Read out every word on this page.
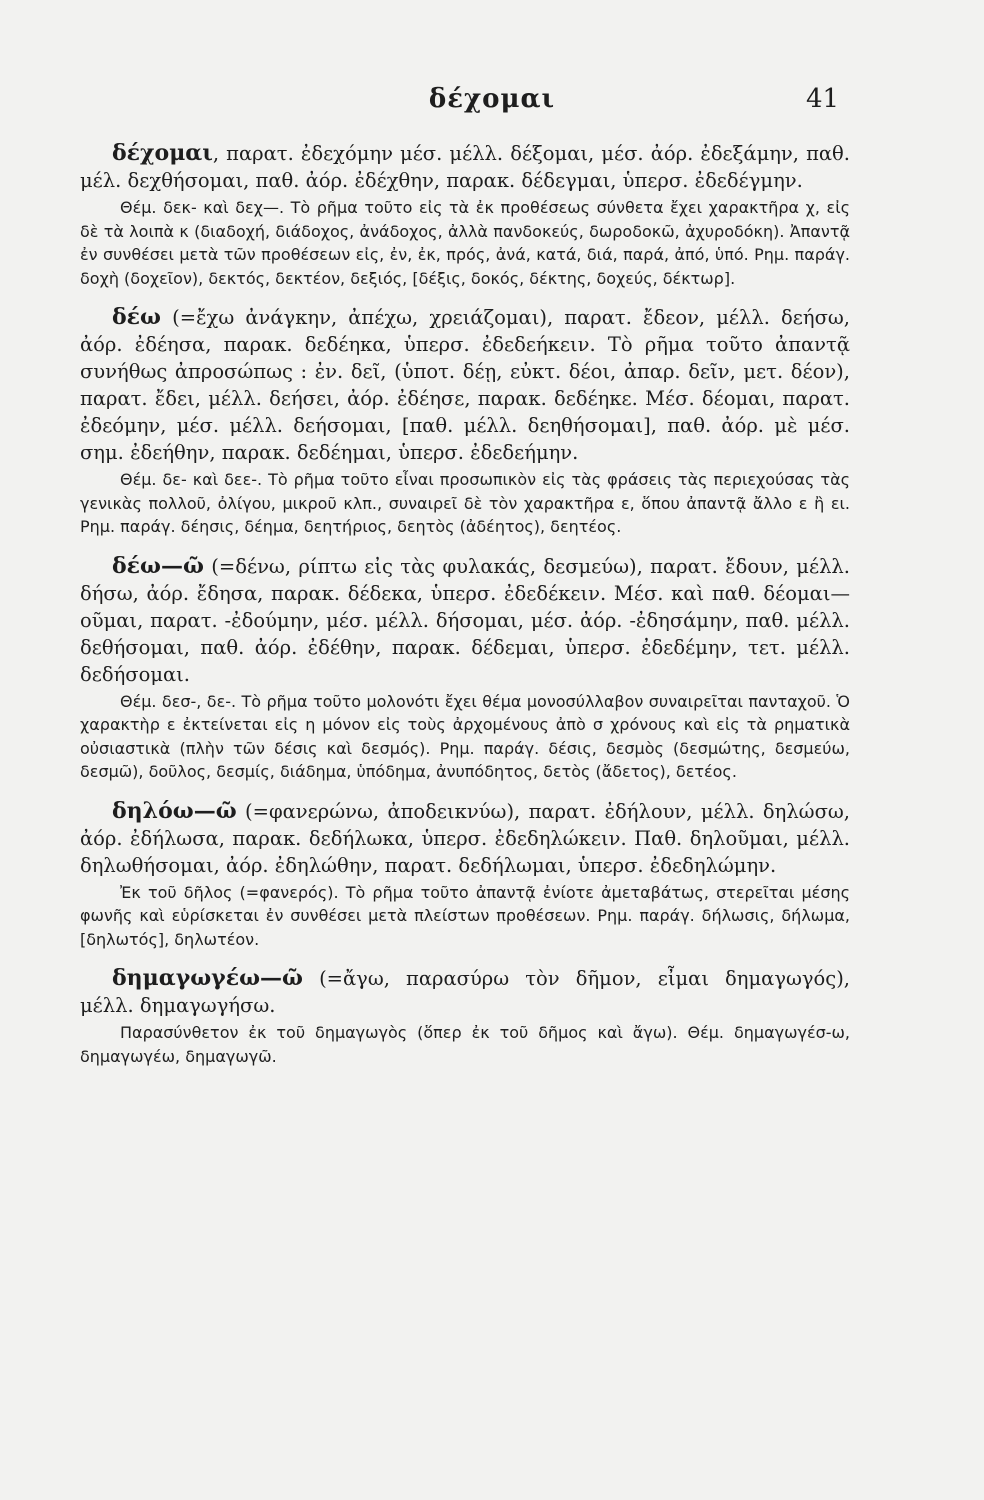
δέχομαι	41

δέχομαι, παρατ. ἐδεχόμην μέσ. μέλλ. δέξομαι, μέσ. ἀόρ. ἐδεξάμην, παθ. μέλ. δεχθήσομαι, παθ. ἀόρ. ἐδέχθην, παρακ. δέδεγμαι, ὑπερσ. ἐδεδέγμην.

Θέμ. δεκ- καὶ δεχ—. Τὸ ρῆμα τοῦτο εἰς τὰ ἐκ προθέσεως σύνθετα ἔχει χαρακτῆρα χ, εἰς δὲ τὰ λοιπὰ κ (διαδοχή, διάδοχος, ἀνάδοχος, ἀλλὰ πανδοκεύς, δωροδοκῶ, ἀχυροδόκη). Ἀπαντᾷ ἐν συνθέσει μετὰ τῶν προθέσεων εἰς, ἐν, ἐκ, πρός, ἀνά, κατά, διά, παρά, ἀπό, ὑπό. Ρημ. παράγ. δοχὴ (δοχεῖον), δεκτός, δεκτέον, δεξιός, [δέξις, δοκός, δέκτης, δοχεύς, δέκτωρ].

δέω (=ἔχω ἀνάγκην, ἀπέχω, χρειάζομαι), παρατ. ἔδεον, μέλλ. δεήσω, ἀόρ. ἐδέησα, παρακ. δεδέηκα, ὑπερσ. ἐδεδεήκειν. Τὸ ρῆμα τοῦτο ἀπαντᾷ συνήθως ἀπροσώπως : ἐν. δεῖ, (ὑποτ. δέῃ, εὐκτ. δέοι, ἀπαρ. δεῖν, μετ. δέον), παρατ. ἔδει, μέλλ. δεήσει, ἀόρ. ἐδέησε, παρακ. δεδέηκε. Μέσ. δέομαι, παρατ. ἐδεόμην, μέσ. μέλλ. δεήσομαι, [παθ. μέλλ. δεηθήσομαι], παθ. ἀόρ. μὲ μέσ. σημ. ἐδεήθην, παρακ. δεδέημαι, ὑπερσ. ἐδεδεήμην.

Θέμ. δε- καὶ δεε-. Τὸ ρῆμα τοῦτο εἶναι προσωπικὸν εἰς τὰς φράσεις τὰς περιεχούσας τὰς γενικὰς πολλοῦ, ὀλίγου, μικροῦ κλπ., συναιρεῖ δὲ τὸν χαρακτῆρα ε, ὅπου ἀπαντᾷ ἄλλο ε ἢ ει. Ρημ. παράγ. δέησις, δέημα, δεητήριος, δεητὸς (ἀδέητος), δεητέος.

δέω—ῶ (=δένω, ρίπτω εἰς τὰς φυλακάς, δεσμεύω), παρατ. ἔδουν, μέλλ. δήσω, ἀόρ. ἔδησα, παρακ. δέδεκα, ὑπερσ. ἐδεδέκειν. Μέσ. καὶ παθ. δέομαι—οῦμαι, παρατ. -ἐδούμην, μέσ. μέλλ. δήσομαι, μέσ. ἀόρ. -ἐδησάμην, παθ. μέλλ. δεθήσομαι, παθ. ἀόρ. ἐδέθην, παρακ. δέδεμαι, ὑπερσ. ἐδεδέμην, τετ. μέλλ. δεδήσομαι.

Θέμ. δεσ-, δε-. Τὸ ρῆμα τοῦτο μολονότι ἔχει θέμα μονοσύλλαβον συναιρεῖται πανταχοῦ. Ὁ χαρακτὴρ ε ἐκτείνεται εἰς η μόνον εἰς τοὺς ἀρχομένους ἀπὸ σ χρόνους καὶ εἰς τὰ ρηματικὰ οὐσιαστικὰ (πλὴν τῶν δέσις καὶ δεσμός). Ρημ. παράγ. δέσις, δεσμὸς (δεσμώτης, δεσμεύω, δεσμῶ), δοῦλος, δεσμίς, διάδημα, ὑπόδημα, ἀνυπόδητος, δετὸς (ἄδετος), δετέος.

δηλόω—ῶ (=φανερώνω, ἀποδεικνύω), παρατ. ἐδήλουν, μέλλ. δηλώσω, ἀόρ. ἐδήλωσα, παρακ. δεδήλωκα, ὑπερσ. ἐδεδηλώκειν. Παθ. δηλοῦμαι, μέλλ. δηλωθήσομαι, ἀόρ. ἐδηλώθην, παρατ. δεδήλωμαι, ὑπερσ. ἐδεδηλώμην.

Ἐκ τοῦ δῆλος (=φανερός). Τὸ ρῆμα τοῦτο ἀπαντᾷ ἐνίοτε ἀμεταβάτως, στερεῖται μέσης φωνῆς καὶ εὑρίσκεται ἐν συνθέσει μετὰ πλείστων προθέσεων. Ρημ. παράγ. δήλωσις, δήλωμα, [δηλωτός], δηλωτέον.

δημαγωγέω—ῶ (=ἄγω, παρασύρω τὸν δῆμον, εἶμαι δημαγωγός), μέλλ. δημαγωγήσω.

Παρασύνθετον ἐκ τοῦ δημαγωγὸς (ὅπερ ἐκ τοῦ δῆμος καὶ ἄγω). Θέμ. δημαγωγέσ-ω, δημαγωγέω, δημαγωγῶ.
